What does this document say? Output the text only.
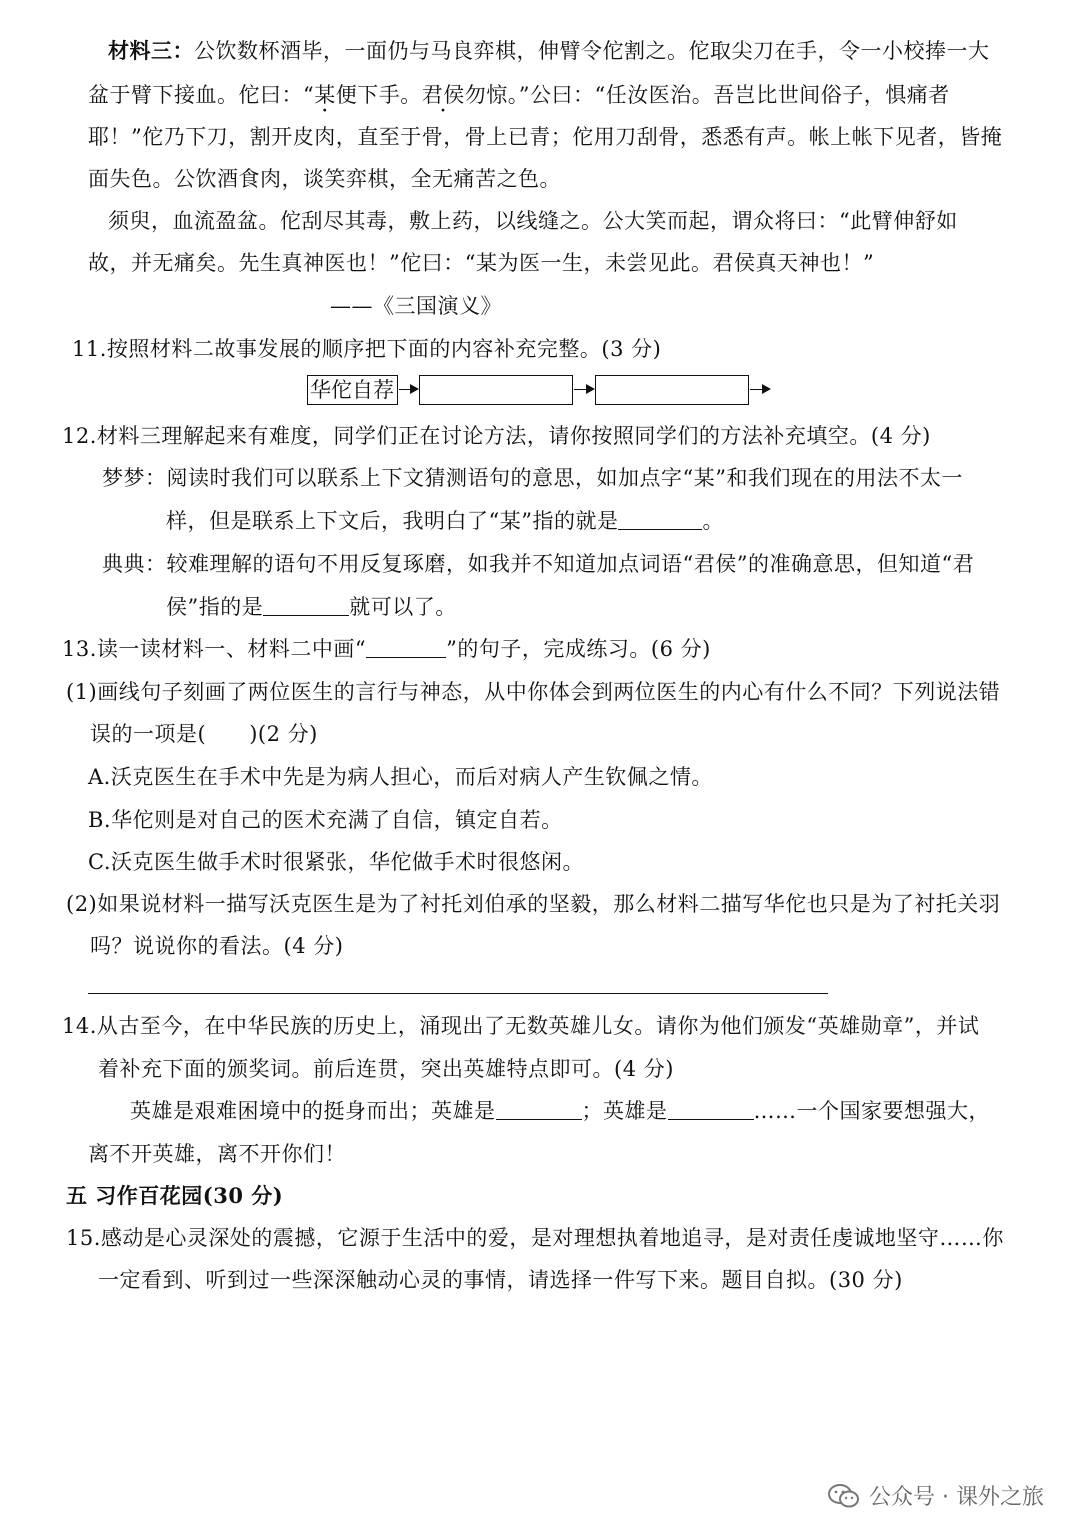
材料三：公饮数杯酒毕，一面仍与马良弈棋，伸臂令佗割之。佗取尖刀在手，令一小校捧一大
盆于臂下接血。佗曰：“某便下手。君侯勿惊。”公曰：“任汝医治。吾岂比世间俗子，惧痛者
耶！”佗乃下刀，割开皮肉，直至于骨，骨上已青；佗用刀刮骨，悉悉有声。帐上帐下见者，皆掩
面失色。公饮酒食肉，谈笑弈棋，全无痛苦之色。
须臾，血流盈盆。佗刮尽其毒，敷上药，以线缝之。公大笑而起，谓众将曰：“此臂伸舒如
故，并无痛矣。先生真神医也！”佗曰：“某为医一生，未尝见此。君侯真天神也！”
——《三国演义》
11.按照材料二故事发展的顺序把下面的内容补充完整。(3 分)
华佗自荐
12.材料三理解起来有难度，同学们正在讨论方法，请你按照同学们的方法补充填空。(4 分)
梦梦：阅读时我们可以联系上下文猜测语句的意思，如加点字“某”和我们现在的用法不太一
样，但是联系上下文后，我明白了“某”指的就是	。
典典：较难理解的语句不用反复琢磨，如我并不知道加点词语“君侯”的准确意思，但知道“君
侯”指的是	就可以了。
13.读一读材料一、材料二中画“	”的句子，完成练习。(6 分)
(1)画线句子刻画了两位医生的言行与神态，从中你体会到两位医生的内心有什么不同？下列说法错
误的一项是(　　)(2 分)
A.沃克医生在手术中先是为病人担心，而后对病人产生钦佩之情。
B.华佗则是对自己的医术充满了自信，镇定自若。
C.沃克医生做手术时很紧张，华佗做手术时很悠闲。
(2)如果说材料一描写沃克医生是为了衬托刘伯承的坚毅，那么材料二描写华佗也只是为了衬托关羽
吗？说说你的看法。(4 分)
14.从古至今，在中华民族的历史上，涌现出了无数英雄儿女。请你为他们颁发“英雄勋章”，并试
着补充下面的颁奖词。前后连贯，突出英雄特点即可。(4 分)
英雄是艰难困境中的挺身而出；英雄是	；英雄是	……一个国家要想强大，
离不开英雄，离不开你们！
五 习作百花园(30 分)
15.感动是心灵深处的震撼，它源于生活中的爱，是对理想执着地追寻，是对责任虔诚地坚守……你
一定看到、听到过一些深深触动心灵的事情，请选择一件写下来。题目自拟。(30 分)
公众号 · 课外之旅
